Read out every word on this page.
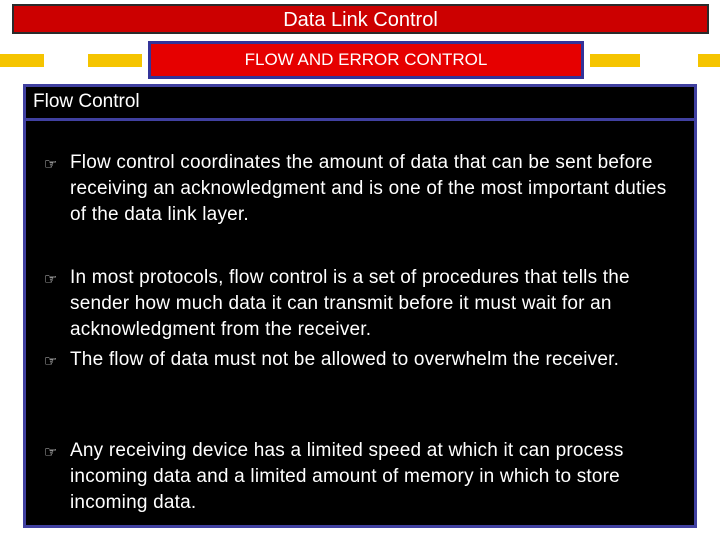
Data Link Control
FLOW AND ERROR CONTROL
Flow Control
☞ Flow control coordinates the amount of data that can be sent before receiving an acknowledgment and is one of the most important duties of the data link layer.
☞ In most protocols, flow control is a set of procedures that tells the sender how much data it can transmit before it must wait for an acknowledgment from the receiver.
☞ The flow of data must not be allowed to overwhelm the receiver.
☞ Any receiving device has a limited speed at which it can process incoming data and a limited amount of memory in which to store incoming data.
